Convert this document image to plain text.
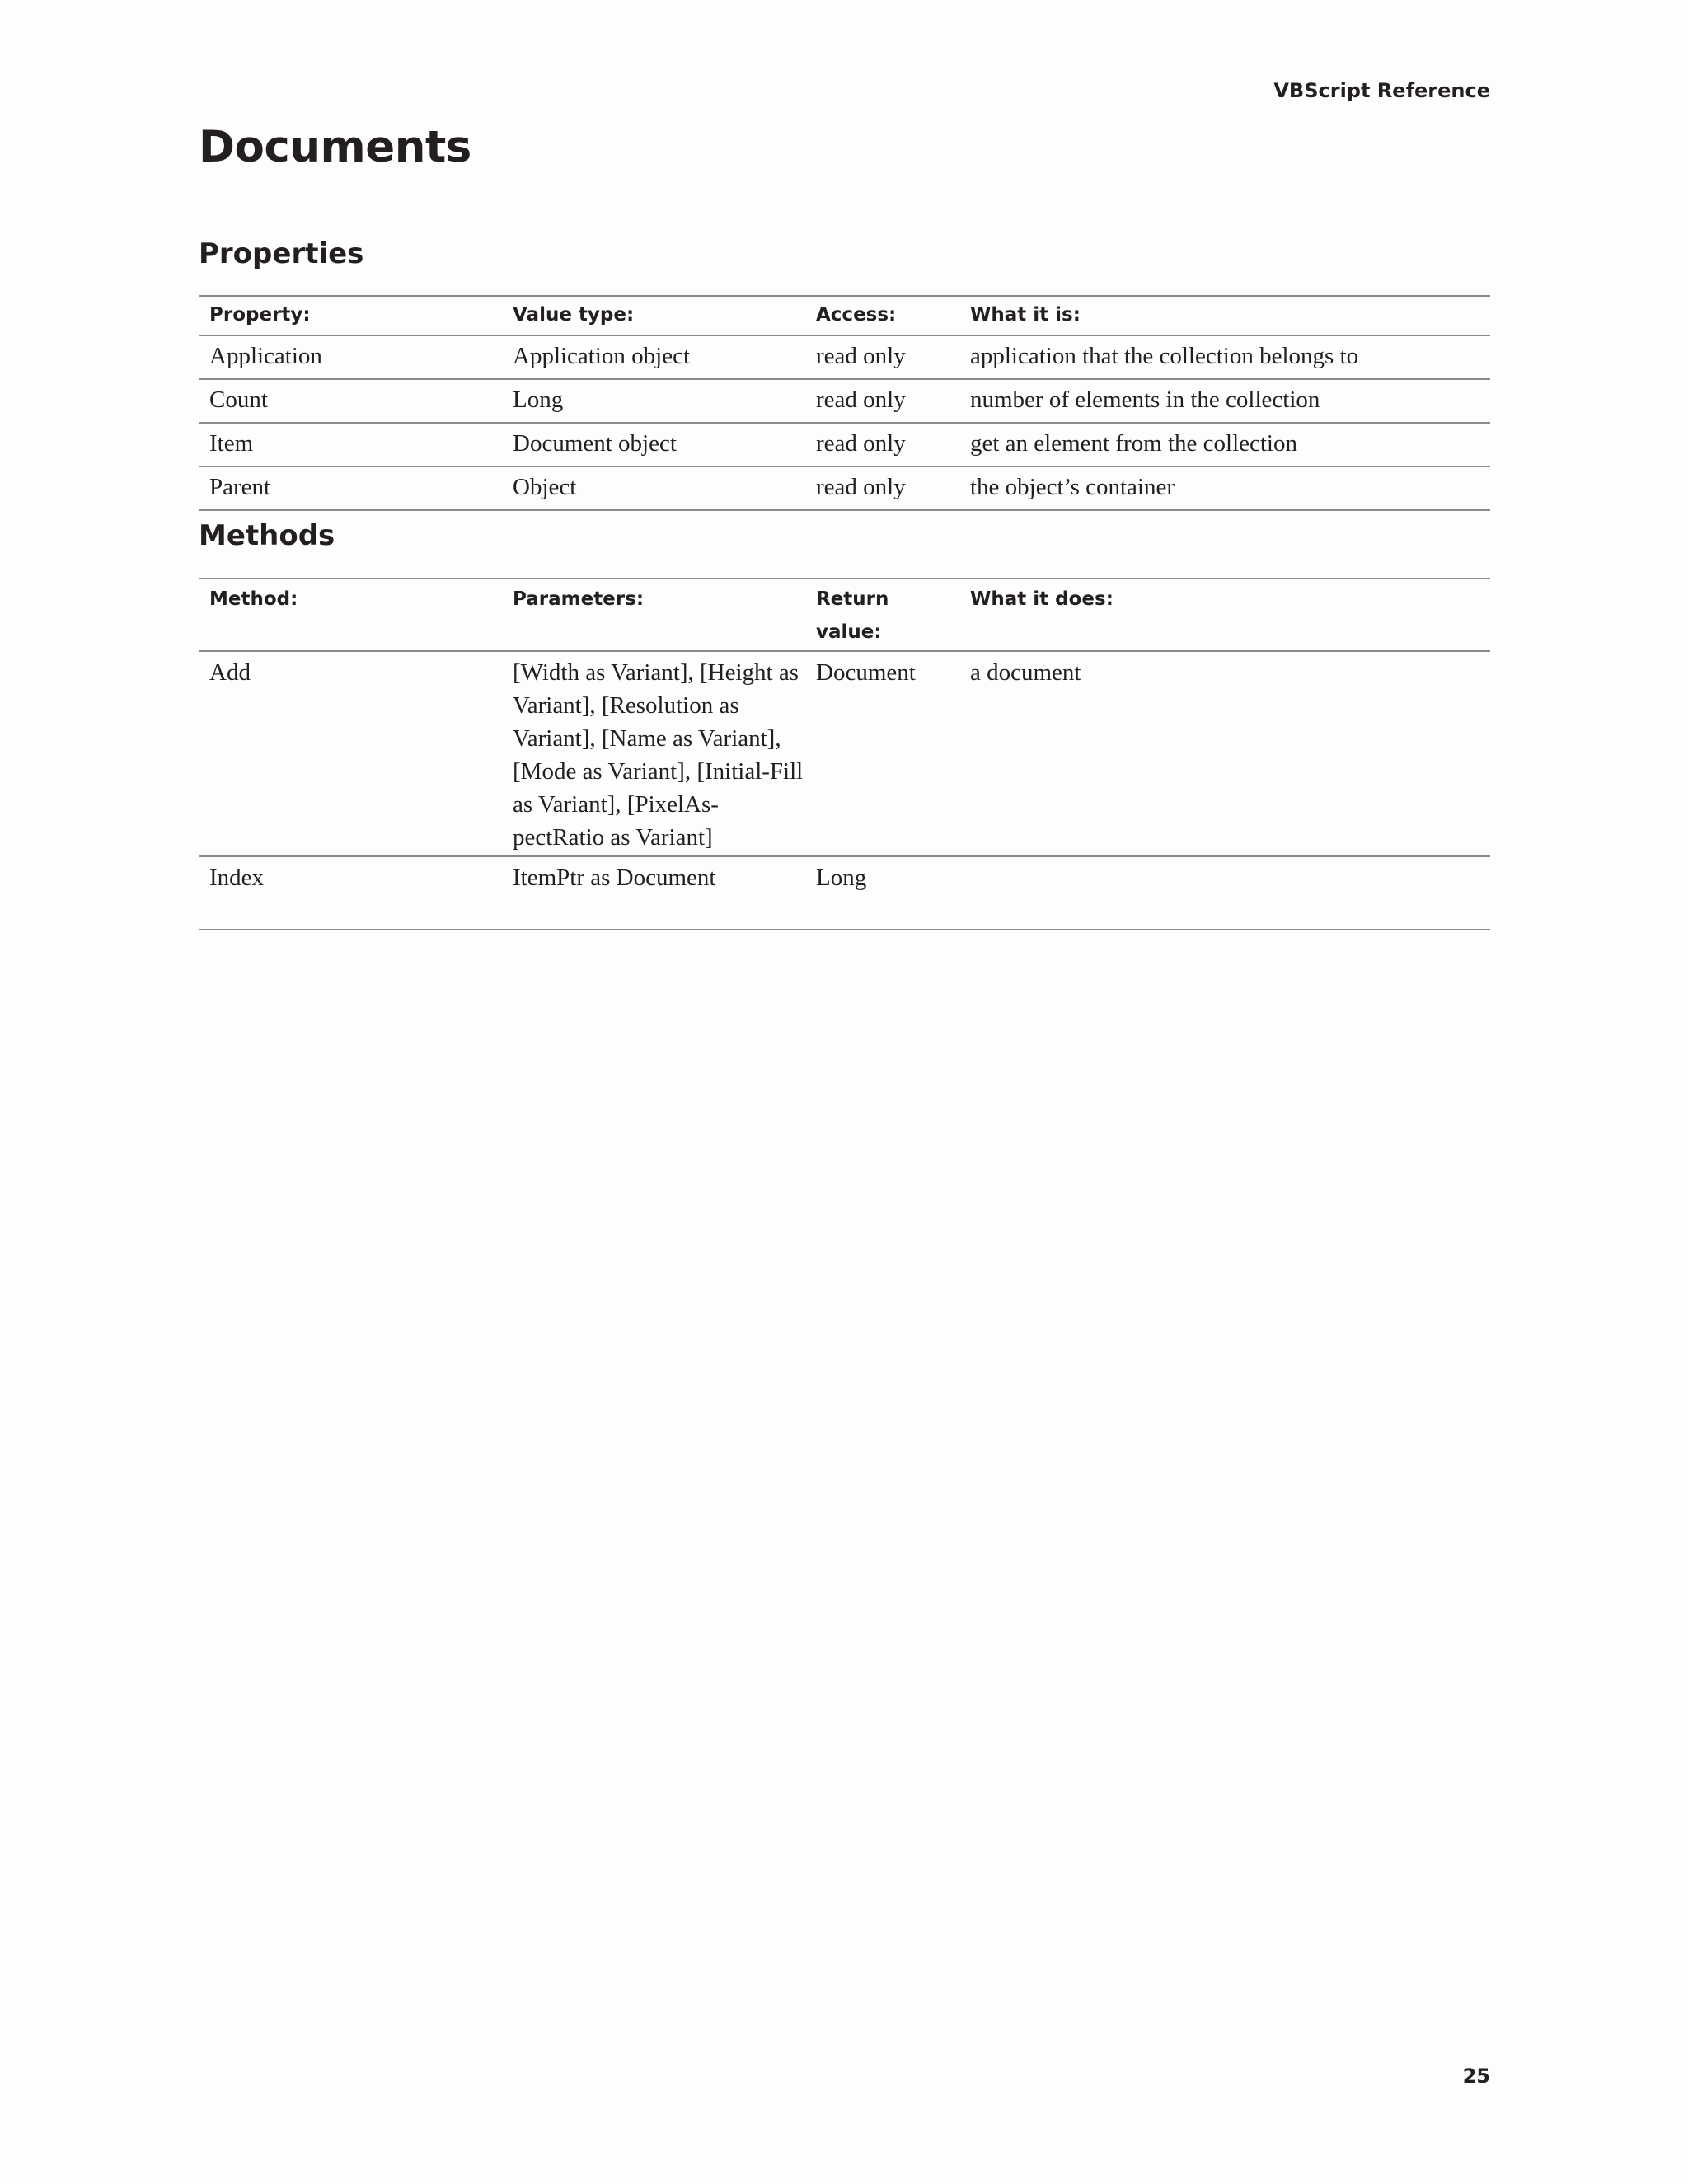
VBScript Reference
Documents
Properties
Property:	Value type:	Access:	What it is:
Application	Application object	read only	application that the collection belongs to
Count	Long	read only	number of elements in the collection
Item	Document object	read only	get an element from the collection
Parent	Object	read only	the object’s container
Methods
Method:	Parameters:	Return value:	What it does:
Add	[Width as Variant], [Height as Variant], [Resolution as Variant], [Name as Variant], [Mode as Variant], [Initial-Fill as Variant], [PixelAs-pectRatio as Variant]	Document	a document
Index	ItemPtr as Document	Long	
25
